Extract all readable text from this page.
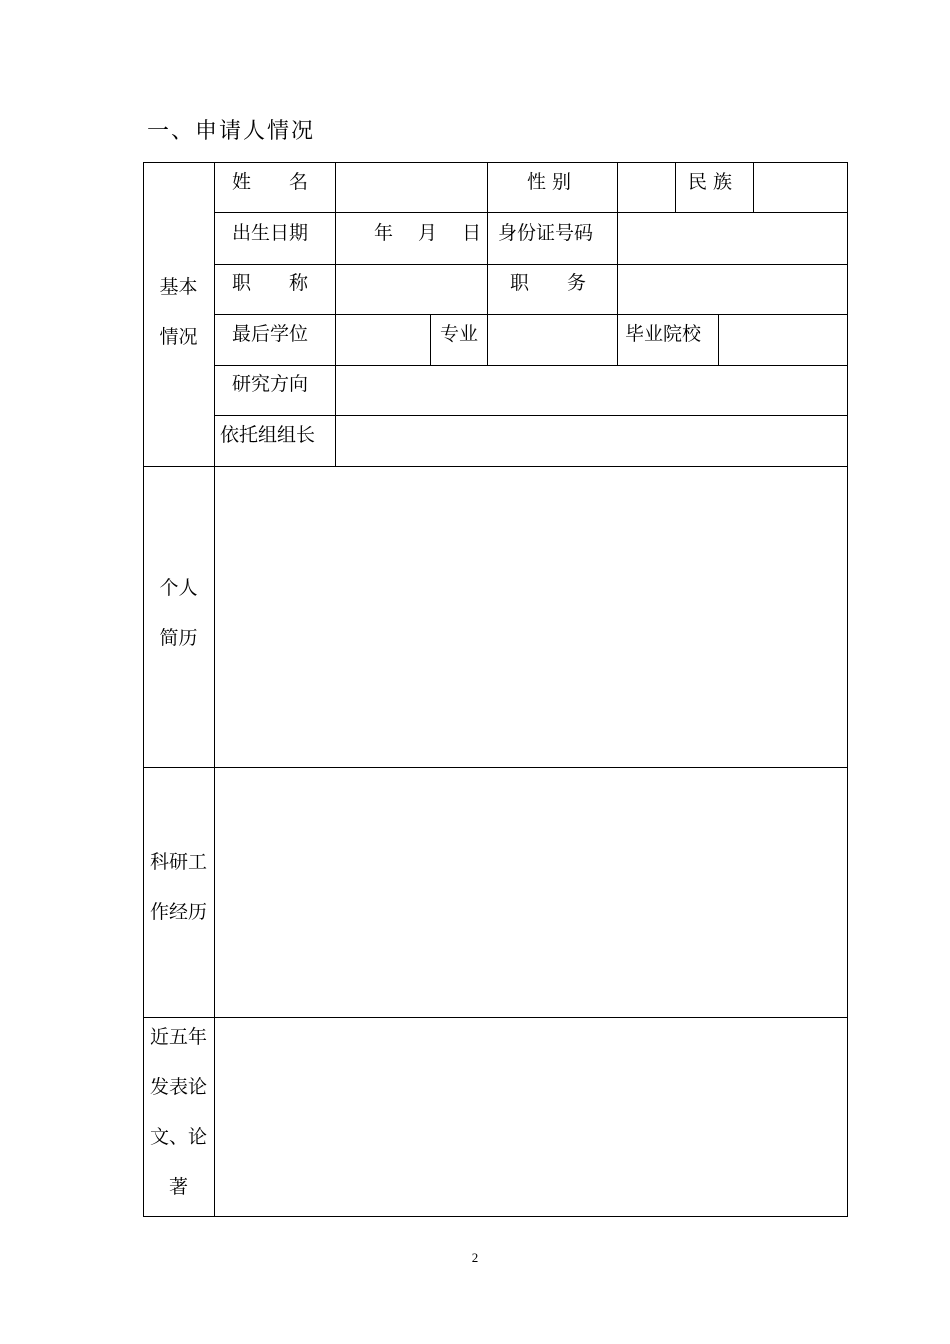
一、申请人情况
基本
情况
姓　　名	性 别	民 族
出生日期	年　 月　 日 身份证号码
职　　称	职　　务
最后学位	专业	毕业院校
研究方向
依托组组长
个人
简历
科研工
作经历
近五年
发表论
文、论
著
2
